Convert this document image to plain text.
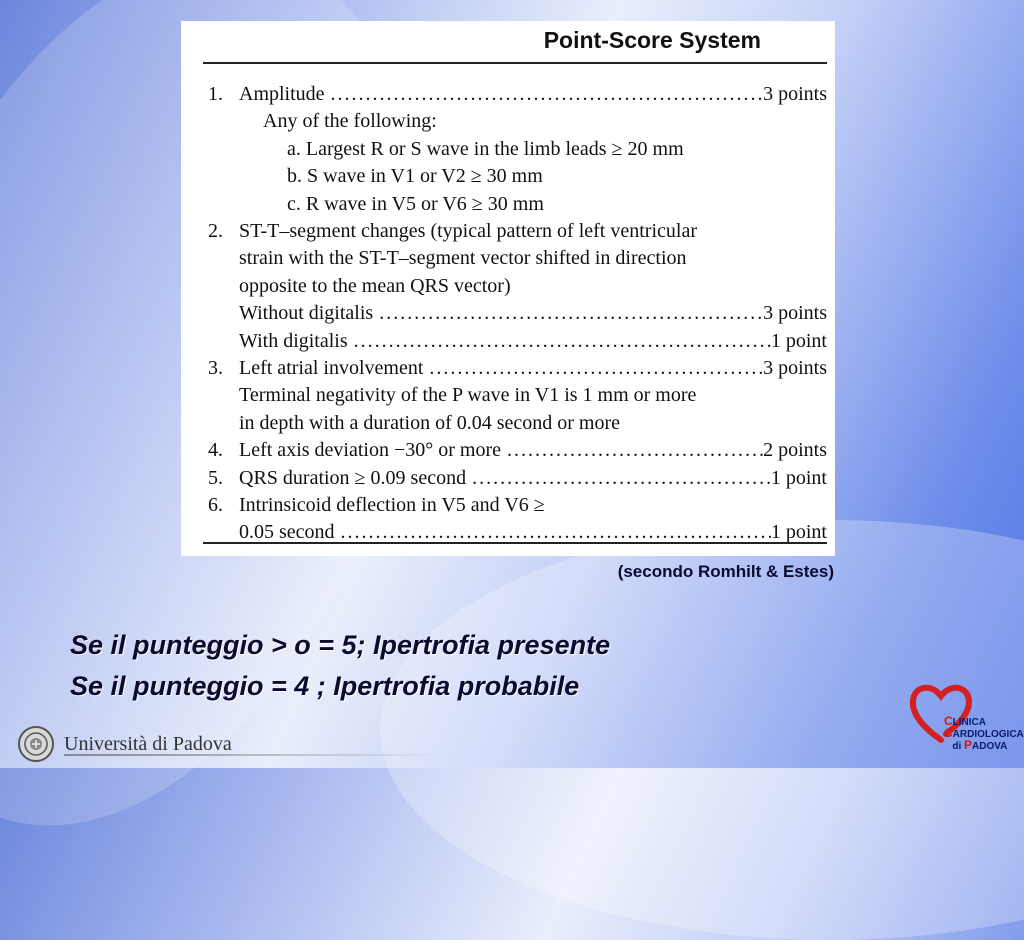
Point-Score System
1. Amplitude .....	3 points
Any of the following:
a. Largest R or S wave in the limb leads ≥ 20 mm
b. S wave in V1 or V2 ≥ 30 mm
c. R wave in V5 or V6 ≥ 30 mm
2. ST-T–segment changes (typical pattern of left ventricular
strain with the ST-T–segment vector shifted in direction
opposite to the mean QRS vector)
Without digitalis .....	3 points
With digitalis .....	1 point
3. Left atrial involvement .....	3 points
Terminal negativity of the P wave in V1 is 1 mm or more
in depth with a duration of 0.04 second or more
4. Left axis deviation −30° or more .....	2 points
5. QRS duration ≥ 0.09 second .....	1 point
6. Intrinsicoid deflection in V5 and V6 ≥
0.05 second .....	1 point
(secondo Romhilt & Estes)
Se il punteggio > o = 5; Ipertrofia presente
Se il punteggio = 4 ; Ipertrofia probabile
Università di Padova
CLINICA
CARDIOLOGICA
di PADOVA
